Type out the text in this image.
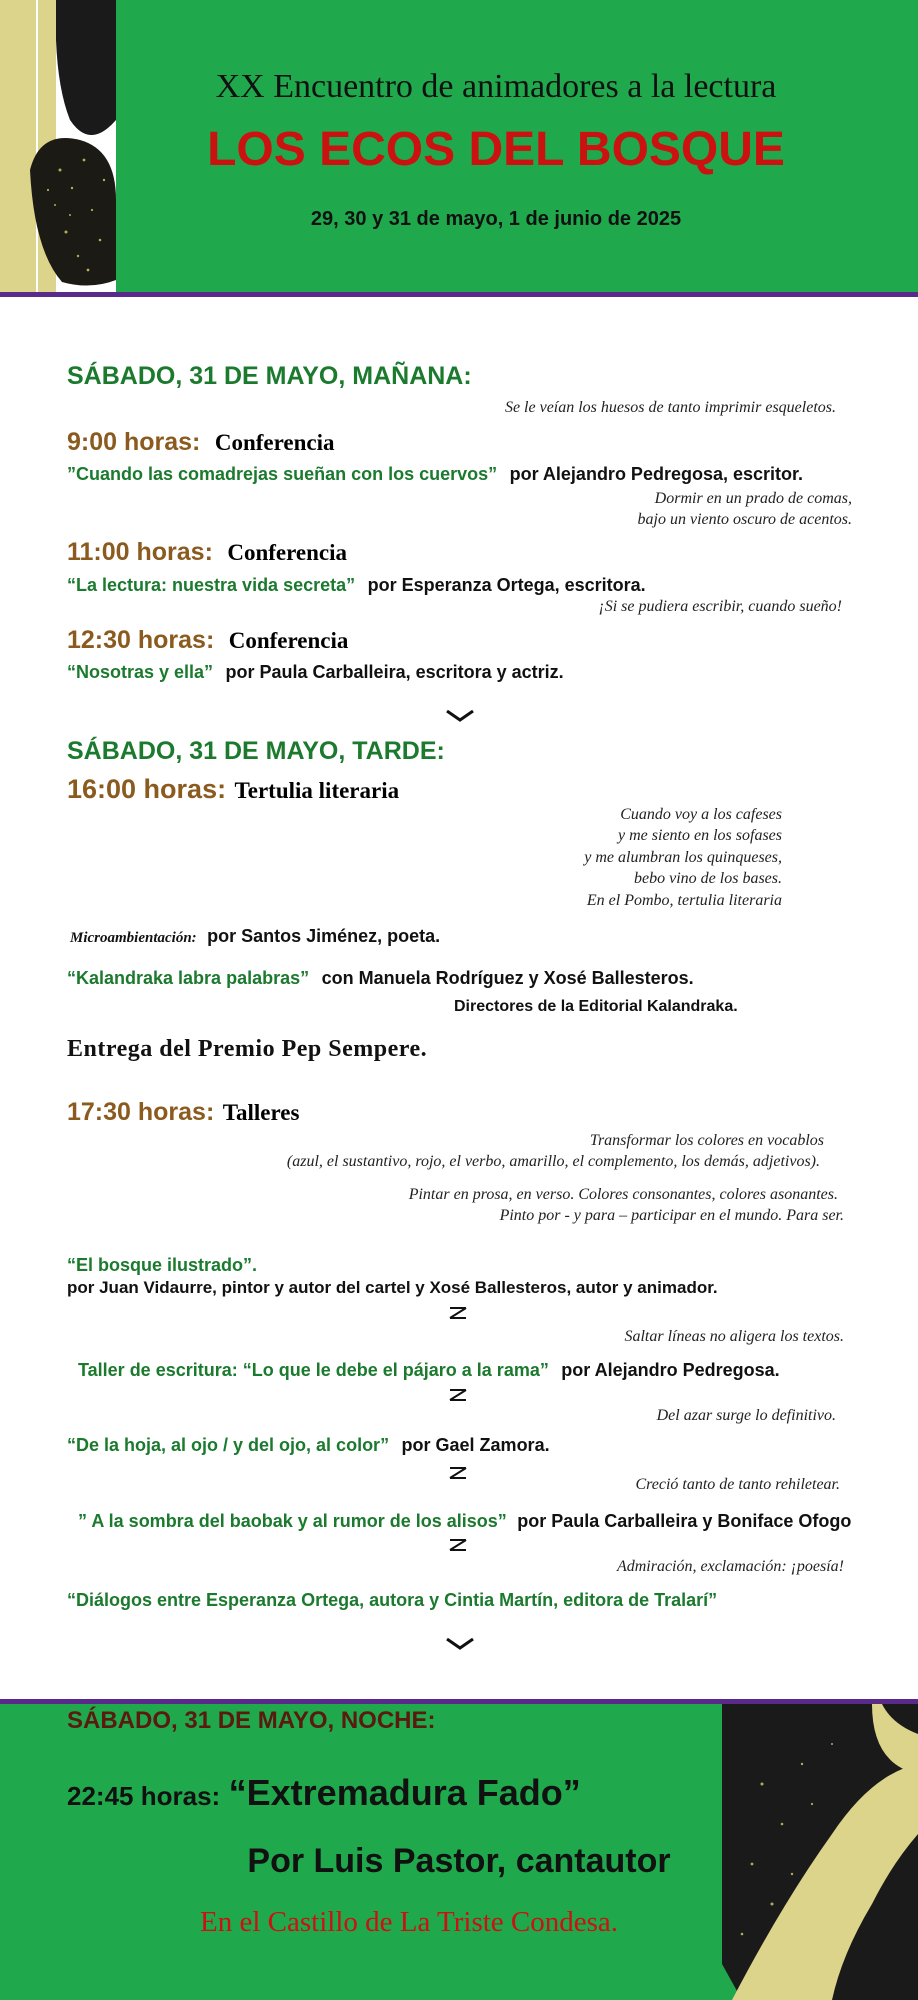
XX Encuentro de animadores a la lectura
LOS ECOS DEL BOSQUE
29, 30 y 31 de mayo, 1 de junio de 2025
SÁBADO, 31 DE MAYO, MAÑANA:
Se le veían los huesos de tanto imprimir esqueletos.
9:00 horas: Conferencia
”Cuando las comadrejas sueñan con los cuervos” por Alejandro Pedregosa, escritor.
Dormir en un prado de comas,
bajo un viento oscuro de acentos.
11:00 horas: Conferencia
“La lectura: nuestra vida secreta” por Esperanza Ortega, escritora.
¡Si se pudiera escribir, cuando sueño!
12:30 horas: Conferencia
“Nosotras y ella” por Paula Carballeira, escritora y actriz.
SÁBADO, 31 DE MAYO, TARDE:
16:00 horas: Tertulia literaria
Cuando voy a los cafeses
y me siento en los sofases
y me alumbran los quinqueses,
bebo vino de los bases.
En el Pombo, tertulia literaria
Microambientación: por Santos Jiménez, poeta.
“Kalandraka labra palabras” con Manuela Rodríguez y Xosé Ballesteros.
Directores de la Editorial Kalandraka.
Entrega del Premio Pep Sempere.
17:30 horas: Talleres
Transformar los colores en vocablos
(azul, el sustantivo, rojo, el verbo, amarillo, el complemento, los demás, adjetivos).
Pintar en prosa, en verso. Colores consonantes, colores asonantes.
Pinto por - y para – participar en el mundo. Para ser.
“El bosque ilustrado”.
por Juan Vidaurre, pintor y autor del cartel y Xosé Ballesteros, autor y animador.
Saltar líneas no aligera los textos.
Taller de escritura: “Lo que le debe el pájaro a la rama” por Alejandro Pedregosa.
Del azar surge lo definitivo.
“De la hoja, al ojo / y del ojo, al color” por Gael Zamora.
Creció tanto de tanto rehiletear.
” A la sombra del baobak y al rumor de los alisos” por Paula Carballeira y Boniface Ofogo
Admiración, exclamación: ¡poesía!
“Diálogos entre Esperanza Ortega, autora y Cintia Martín, editora de Tralarí”
SÁBADO, 31 DE MAYO, NOCHE:
22:45 horas: “Extremadura Fado”
Por Luis Pastor, cantautor
En el Castillo de La Triste Condesa.
